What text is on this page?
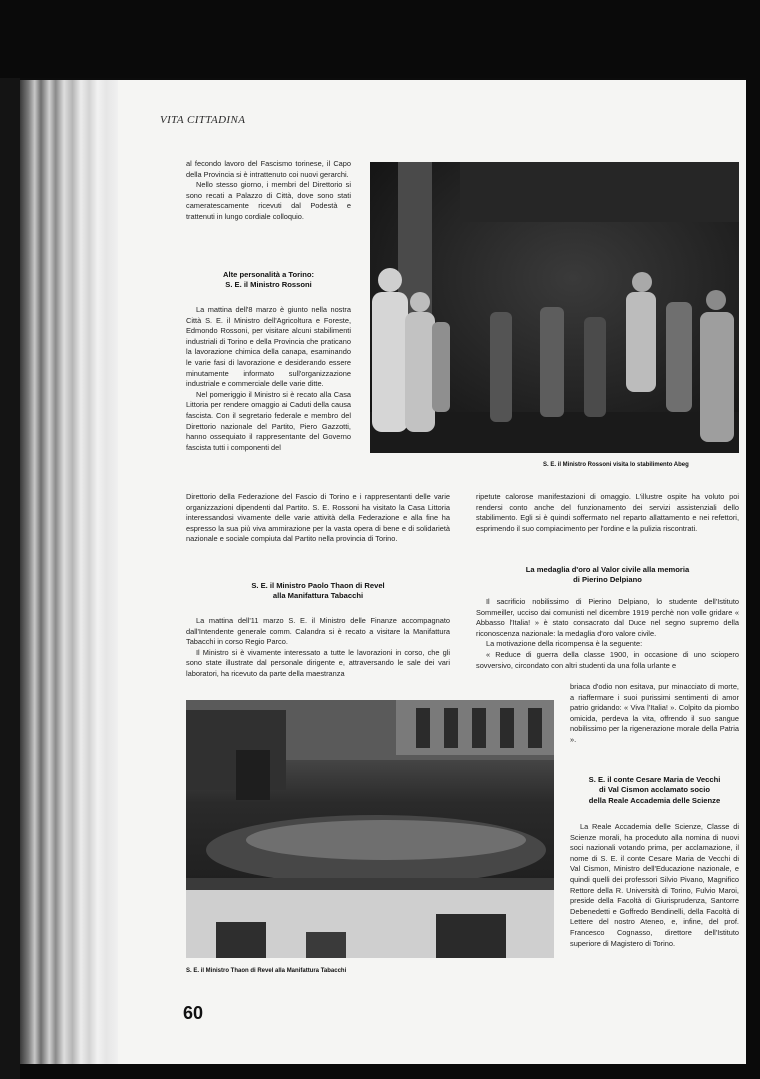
VITA CITTADINA

al fecondo lavoro del Fascismo torinese, il Capo della Provincia si è intrattenuto coi nuovi gerarchi.

Nello stesso giorno, i membri del Direttorio si sono recati a Palazzo di Città, dove sono stati cameratescamente ricevuti dal Podestà e trattenuti in lungo cordiale colloquio.

Alte personalità a Torino:

S. E. il Ministro Rossoni

La mattina dell'8 marzo è giunto nella nostra Città S. E. il Ministro dell'Agricoltura e Foreste, Edmondo Rossoni, per visitare alcuni stabilimenti industriali di Torino e della Provincia che praticano la lavorazione chimica della canapa, esaminando le varie fasi di lavorazione e desiderando essere minutamente informato sull'organizzazione industriale e commerciale delle varie ditte.

Nel pomeriggio il Ministro si è recato alla Casa Littoria per rendere omaggio ai Caduti della causa fascista. Con il segretario federale e membro del Direttorio nazionale del Partito, Piero Gazzotti, hanno ossequiato il rappresentante del Governo fascista tutti i componenti del

Direttorio della Federazione del Fascio di Torino e i rappresentanti delle varie organizzazioni dipendenti dal Partito. S. E. Rossoni ha visitato la Casa Littoria interessandosi vivamente delle varie attività della Federazione e alla fine ha espresso la sua più viva ammirazione per la vasta opera di bene e di solidarietà nazionale e sociale compiuta dal Partito nella provincia di Torino.

S. E. il Ministro Paolo Thaon di Revel

alla Manifattura Tabacchi

La mattina dell'11 marzo S. E. il Ministro delle Finanze accompagnato dall'Intendente generale comm. Calandra si è recato a visitare la Manifattura Tabacchi in corso Regio Parco.

Il Ministro si è vivamente interessato a tutte le lavorazioni in corso, che gli sono state illustrate dal personale dirigente e, attraversando le sale dei vari laboratori, ha ricevuto da parte della maestranza

S. E. il Ministro Rossoni visita lo stabilimento Abeg

ripetute calorose manifestazioni di omaggio. L'illustre ospite ha voluto poi rendersi conto anche del funzionamento dei servizi assistenziali dello stabilimento. Egli si è quindi soffermato nel reparto allattamento e nei refettori, esprimendo il suo compiacimento per l'ordine e la pulizia riscontrati.

La medaglia d'oro al Valor civile alla memoria

di Pierino Delpiano

Il sacrificio nobilissimo di Pierino Delpiano, lo studente dell'Istituto Sommeiller, ucciso dai comunisti nel dicembre 1919 perchè non volle gridare « Abbasso l'Italia! » è stato consacrato dal Duce nel segno supremo della riconoscenza nazionale: la medaglia d'oro valore civile.

La motivazione della ricompensa è la seguente:

« Reduce di guerra della classe 1900, in occasione di uno sciopero sovversivo, circondato con altri studenti da una folla urlante e

briaca d'odio non esitava, pur minacciato di morte, a riaffermare i suoi purissimi sentimenti di amor patrio gridando: « Viva l'Italia! ». Colpito da piombo omicida, perdeva la vita, offrendo il suo sangue nobilissimo per la rigenerazione morale della Patria ».

S. E. il conte Cesare Maria de Vecchi

di Val Cismon acclamato socio

della Reale Accademia delle Scienze

La Reale Accademia delle Scienze, Classe di Scienze morali, ha proceduto alla nomina di nuovi soci nazionali votando prima, per acclamazione, il nome di S. E. il conte Cesare Maria de Vecchi di Val Cismon, Ministro dell'Educazione nazionale, e quindi quelli dei professori Silvio Pivano, Magnifico Rettore della R. Università di Torino, Fulvio Maroi, preside della Facoltà di Giurisprudenza, Santorre Debenedetti e Goffredo Bendinelli, della Facoltà di Lettere del nostro Ateneo, e, infine, del prof. Francesco Cognasso, direttore dell'Istituto superiore di Magistero di Torino.

S. E. il Ministro Thaon di Revel alla Manifattura Tabacchi
60
